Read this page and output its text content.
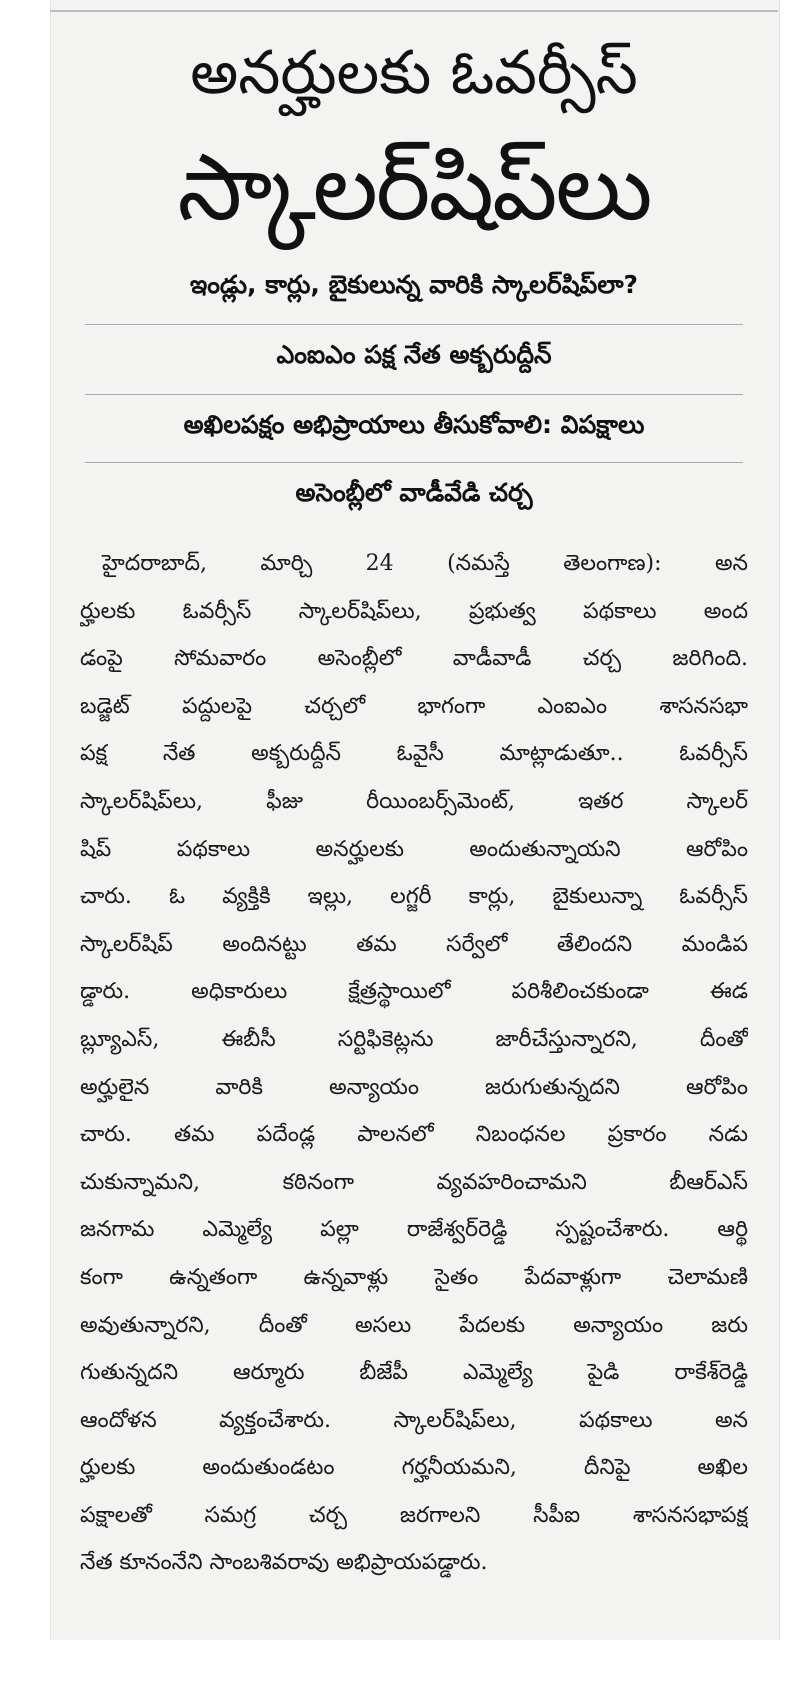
అనర్హులకు ఓవర్సీస్
స్కాలర్‌షిప్‌లు
ఇండ్లు, కార్లు, బైకులున్న వారికి స్కాలర్‌షిప్‌లా?
ఎంఐఎం పక్ష నేత అక్బరుద్దీన్
అఖిలపక్షం అభిప్రాయాలు తీసుకోవాలి: విపక్షాలు
అసెంబ్లీలో వాడీవేడి చర్చ
హైదరాబాద్, మార్చి 24 (నమస్తే తెలంగాణ): అన
ర్హులకు ఓవర్సీస్ స్కాలర్‌షిప్‌లు, ప్రభుత్వ పథకాలు అంద
డంపై సోమవారం అసెంబ్లీలో వాడీవాడీ చర్చ జరిగింది.
బడ్జెట్ పద్దులపై చర్చలో భాగంగా ఎంఐఎం శాసనసభా
పక్ష నేత అక్బరుద్దీన్ ఓవైసీ మాట్లాడుతూ.. ఓవర్సీస్
స్కాలర్‌షిప్‌లు, ఫీజు రీయింబర్స్‌మెంట్, ఇతర స్కాలర్
షిప్ పథకాలు అనర్హులకు అందుతున్నాయని ఆరోపిం
చారు. ఓ వ్యక్తికి ఇల్లు, లగ్జరీ కార్లు, బైకులున్నా ఓవర్సీస్
స్కాలర్‌షిప్ అందినట్టు తమ సర్వేలో తేలిందని మండిప
డ్డారు. అధికారులు క్షేత్రస్థాయిలో పరిశీలించకుండా ఈడ
బ్ల్యూఎస్, ఈబీసీ సర్టిఫికెట్లను జారీచేస్తున్నారని, దీంతో
అర్హులైన వారికి అన్యాయం జరుగుతున్నదని ఆరోపిం
చారు. తమ పదేండ్ల పాలనలో నిబంధనల ప్రకారం నడు
చుకున్నామని, కఠినంగా వ్యవహరించామని బీఆర్‌ఎస్
జనగామ ఎమ్మెల్యే పల్లా రాజేశ్వర్‌రెడ్డి స్పష్టంచేశారు. ఆర్థి
కంగా ఉన్నతంగా ఉన్నవాళ్లు సైతం పేదవాళ్లుగా చెలామణి
అవుతున్నారని, దీంతో అసలు పేదలకు అన్యాయం జరు
గుతున్నదని ఆర్మూరు బీజేపీ ఎమ్మెల్యే పైడి రాకేశ్‌రెడ్డి
ఆందోళన వ్యక్తంచేశారు. స్కాలర్‌షిప్‌లు, పథకాలు అన
ర్హులకు అందుతుండటం గర్హనీయమని, దీనిపై అఖిల
పక్షాలతో సమగ్ర చర్చ జరగాలని సీపీఐ శాసనసభాపక్ష
నేత కూనంనేని సాంబశివరావు అభిప్రాయపడ్డారు.
